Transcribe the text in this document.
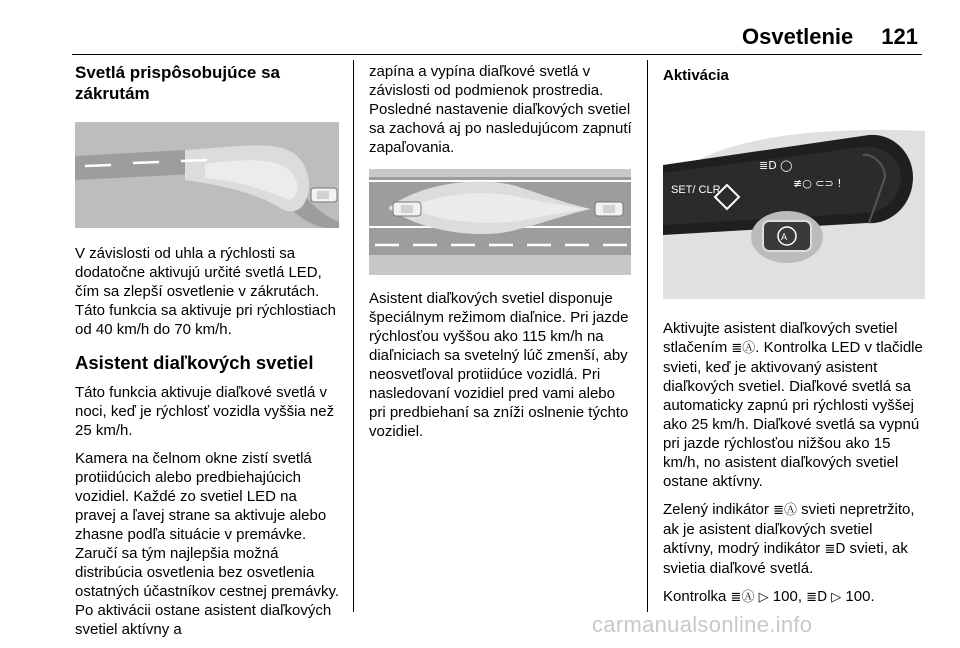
Osvetlenie 121
Svetlá prispôsobujúce sa zákrutám

V závislosti od uhla a rýchlosti sa dodatočne aktivujú určité svetlá LED, čím sa zlepší osvetlenie v zákrutách. Táto funkcia sa aktivuje pri rýchlostiach od 40 km/h do 70 km/h.

Asistent diaľkových svetiel

Táto funkcia aktivuje diaľkové svetlá v noci, keď je rýchlosť vozidla vyššia než 25 km/h.

Kamera na čelnom okne zistí svetlá protiidúcich alebo predbiehajúcich vozidiel. Každé zo svetiel LED na pravej a ľavej strane sa aktivuje alebo zhasne podľa situácie v premávke. Zaručí sa tým najlepšia možná distribúcia osvetlenia bez osvetlenia ostatných účastníkov cestnej premávky. Po aktivácii ostane asistent diaľkových svetiel aktívny a

zapína a vypína diaľkové svetlá v závislosti od podmienok prostredia. Posledné nastavenie diaľkových svetiel sa zachová aj po nasledujúcom zapnutí zapaľovania.

Asistent diaľkových svetiel disponuje špeciálnym režimom diaľnice. Pri jazde rýchlosťou vyššou ako 115 km/h na diaľniciach sa svetelný lúč zmenší, aby neosvetľoval protiidúce vozidlá. Pri nasledovaní vozidiel pred vami alebo pri predbiehaní sa zníži oslnenie týchto vozidiel.

Aktivácia
SET/ CLR
≣D ◯
≢○ ⊂⊃ !
A

Aktivujte asistent diaľkových svetiel stlačením ≣Ⓐ. Kontrolka LED v tlačidle svieti, keď je aktivovaný asistent diaľkových svetiel. Diaľkové svetlá sa automaticky zapnú pri rýchlosti vyššej ako 25 km/h. Diaľkové svetlá sa vypnú pri jazde rýchlosťou nižšou ako 15 km/h, no asistent diaľkových svetiel ostane aktívny.

Zelený indikátor ≣Ⓐ svieti nepretržito, ak je asistent diaľkových svetiel aktívny, modrý indikátor ≣D svieti, ak svietia diaľkové svetlá.

Kontrolka ≣Ⓐ ▷ 100, ≣D ▷ 100.

carmanualsonline.info
